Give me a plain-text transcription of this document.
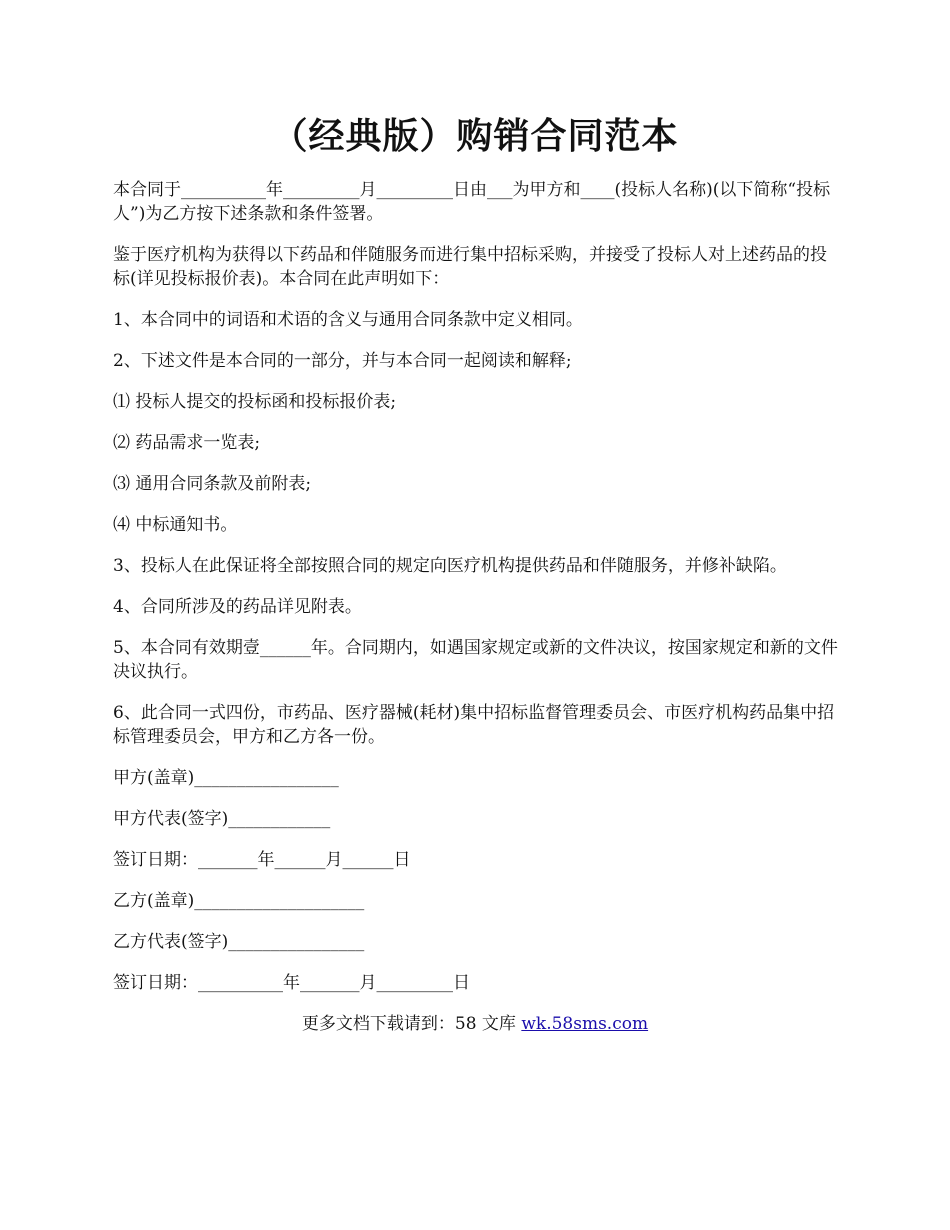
（经典版）购销合同范本

本合同于__________年_________月_________日由___为甲方和____(投标人名称)(以下简称“投标人”)为乙方按下述条款和条件签署。

鉴于医疗机构为获得以下药品和伴随服务而进行集中招标采购，并接受了投标人对上述药品的投标(详见投标报价表)。本合同在此声明如下：

1、本合同中的词语和术语的含义与通用合同条款中定义相同。

2、下述文件是本合同的一部分，并与本合同一起阅读和解释;

⑴ 投标人提交的投标函和投标报价表;

⑵ 药品需求一览表;

⑶ 通用合同条款及前附表;

⑷ 中标通知书。

3、投标人在此保证将全部按照合同的规定向医疗机构提供药品和伴随服务，并修补缺陷。

4、合同所涉及的药品详见附表。

5、本合同有效期壹______年。合同期内，如遇国家规定或新的文件决议，按国家规定和新的文件决议执行。

6、此合同一式四份，市药品、医疗器械(耗材)集中招标监督管理委员会、市医疗机构药品集中招标管理委员会，甲方和乙方各一份。

甲方(盖章)_________________

甲方代表(签字)____________

签订日期：_______年______月______日

乙方(盖章)____________________

乙方代表(签字)________________

签订日期：__________年_______月_________日

更多文档下载请到：58 文库 wk.58sms.com
